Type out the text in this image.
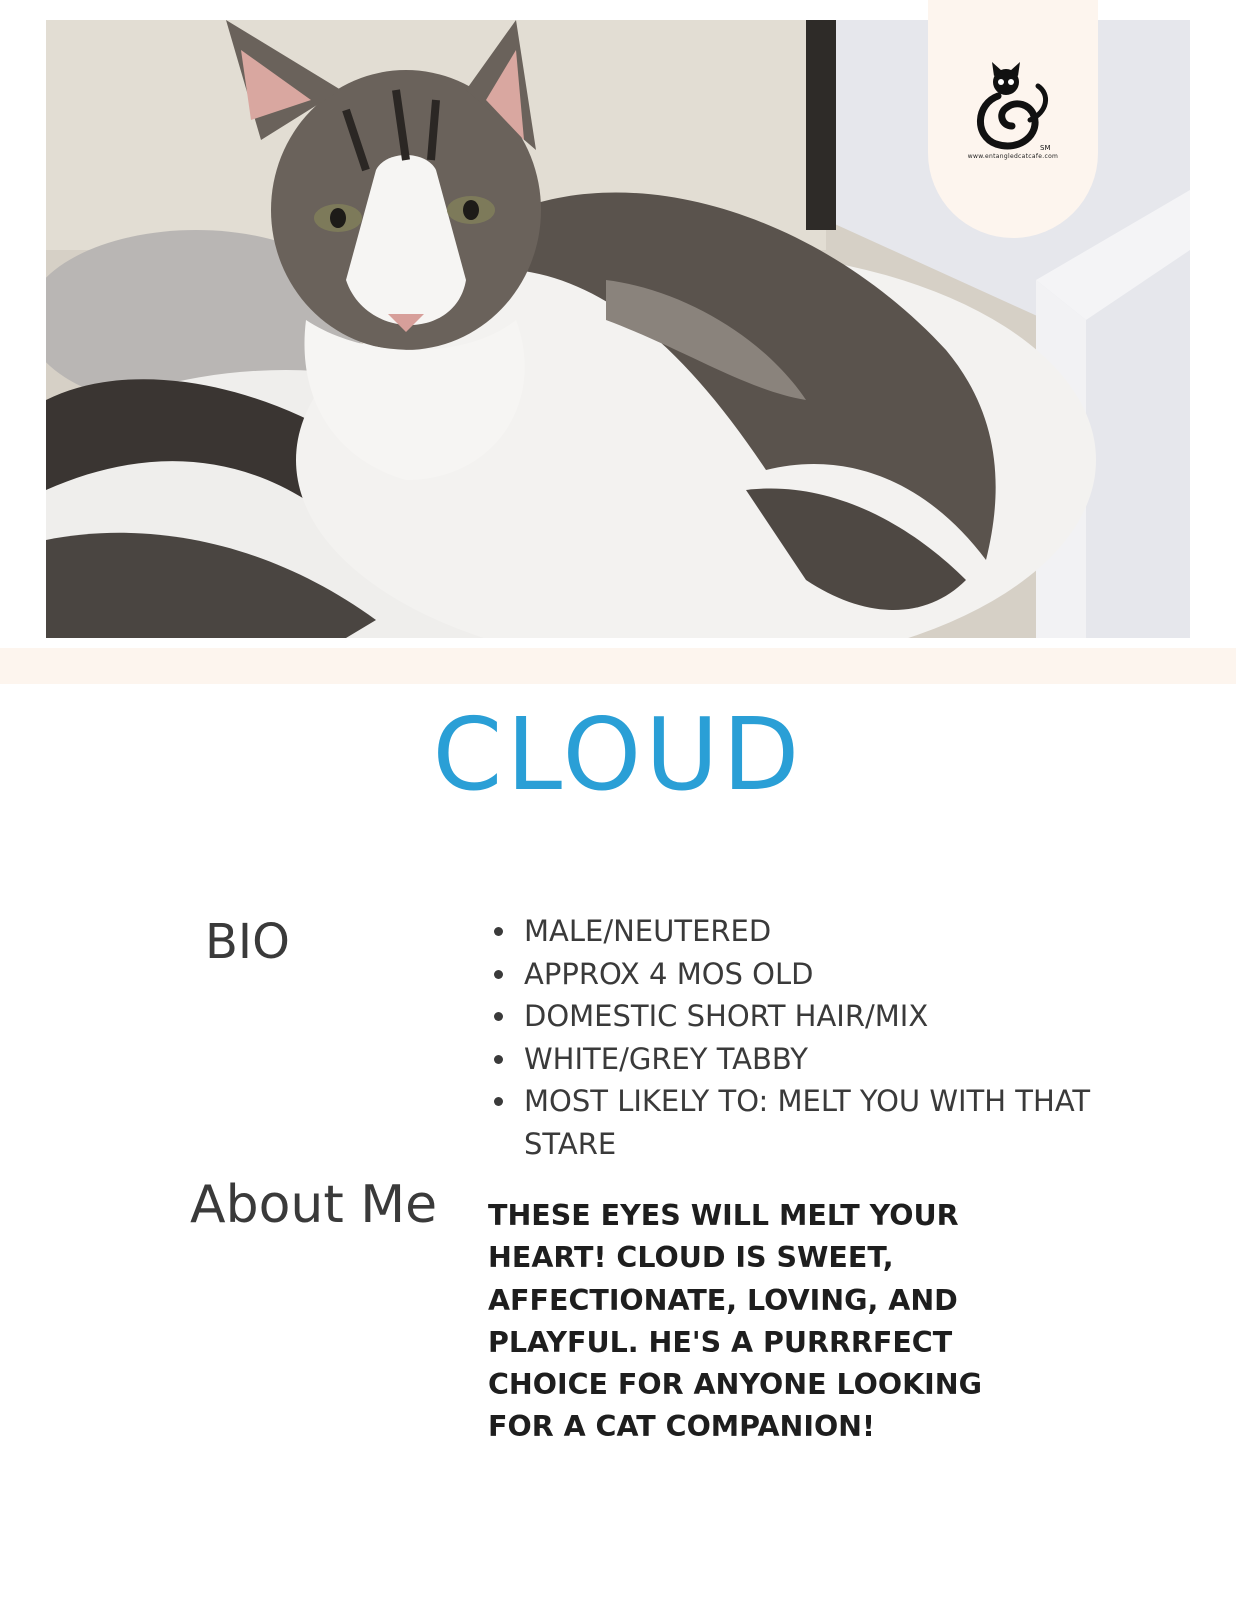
SM
www.entangledcatcafe.com
CLOUD
BIO	MALE/NEUTERED
APPROX 4 MOS OLD
DOMESTIC SHORT HAIR/MIX
WHITE/GREY TABBY
MOST LIKELY TO: MELT YOU WITH THAT STARE
About Me THESE EYES WILL MELT YOUR HEART! CLOUD IS SWEET, AFFECTIONATE, LOVING, AND PLAYFUL. HE'S A PURRRFECT CHOICE FOR ANYONE LOOKING FOR A CAT COMPANION!
